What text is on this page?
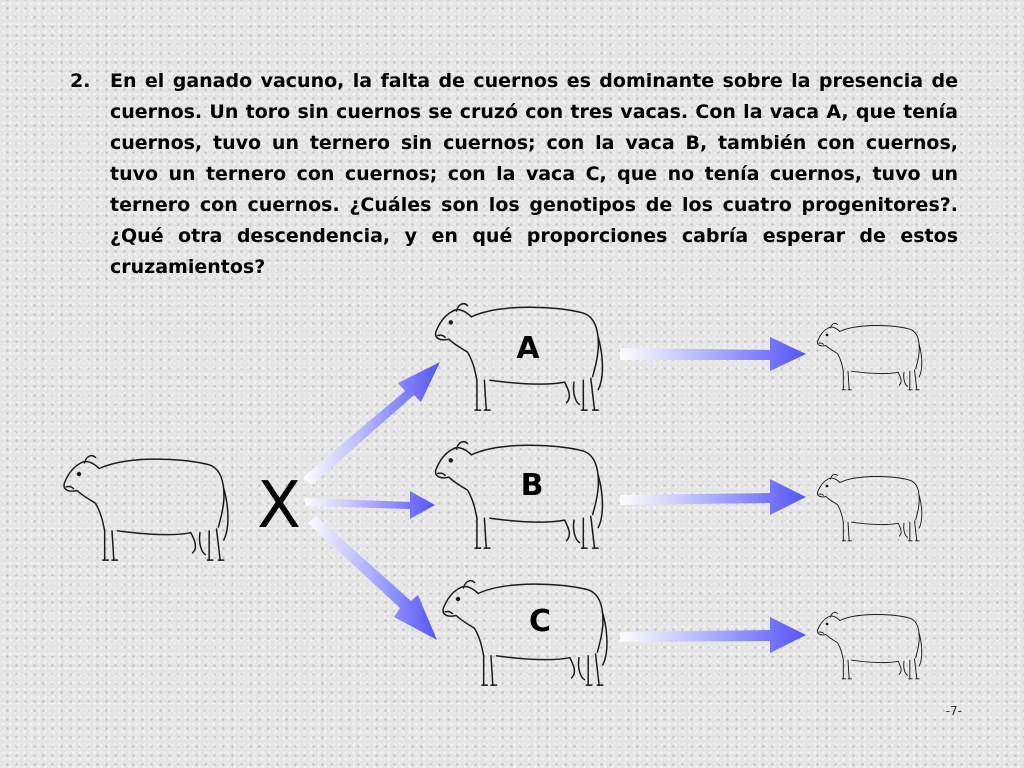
2.	En el ganado vacuno, la falta de cuernos es dominante sobre la presencia de cuernos. Un toro sin cuernos se cruzó con tres vacas. Con la vaca A, que tenía cuernos, tuvo un ternero sin cuernos; con la vaca B, también con cuernos, tuvo un ternero con cuernos; con la vaca C, que no tenía cuernos, tuvo un ternero con cuernos. ¿Cuáles son los genotipos de los cuatro progenitores?. ¿Qué otra descendencia, y en qué proporciones cabría esperar de estos cruzamientos?
X
A
B
C
-7-
